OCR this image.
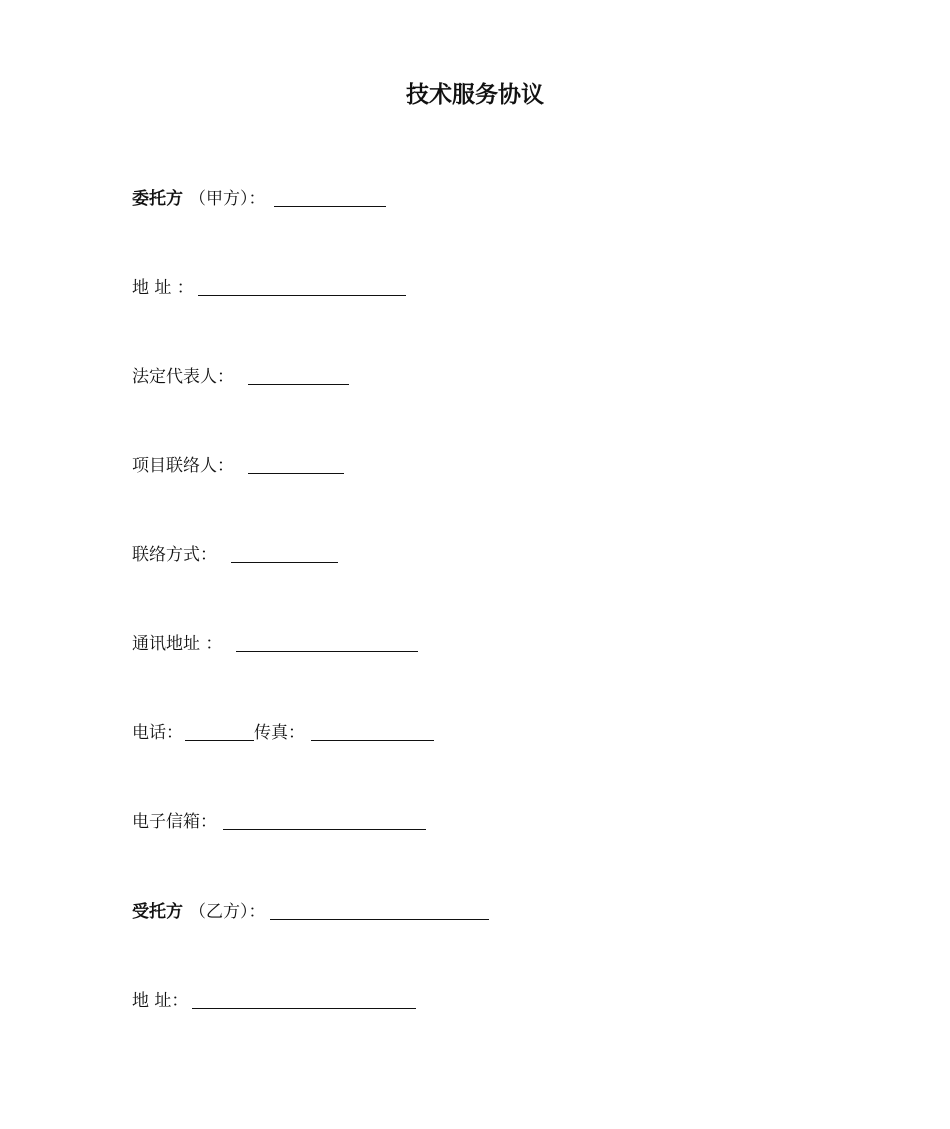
技术服务协议
委托方 （甲方）：
地 址 ：
法定代表人：
项目联络人：
联络方式：
通讯地址 ：
电话：	传真：
电子信箱：
受托方 （乙方）：
地 址：
